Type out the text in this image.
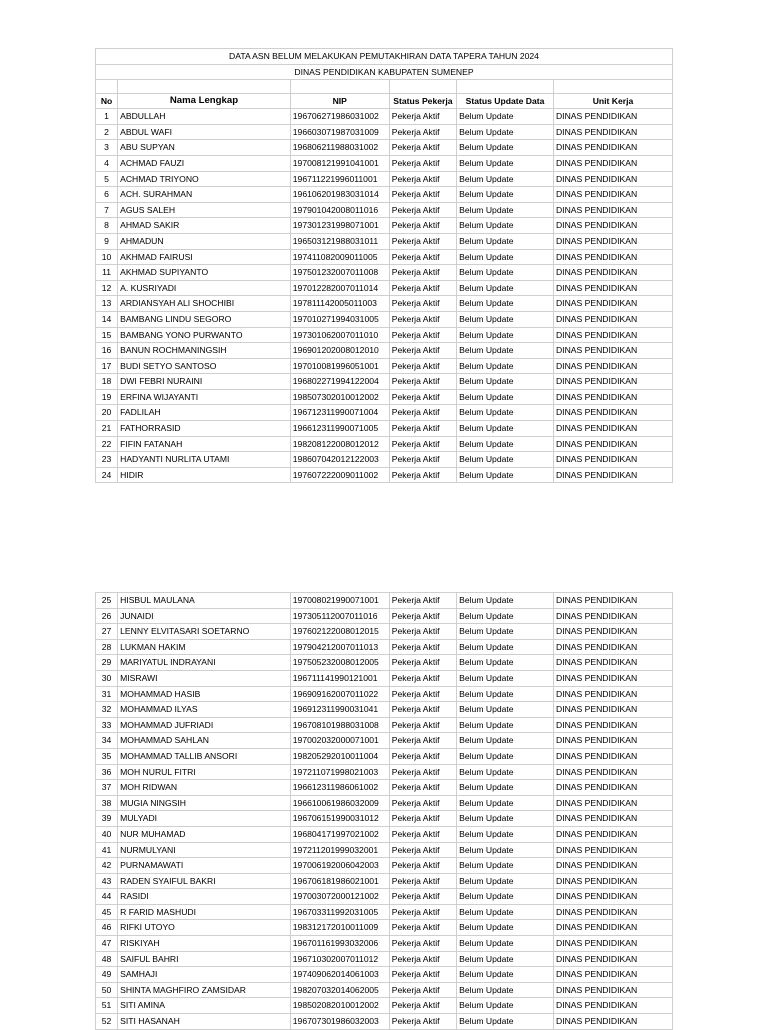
DATA ASN BELUM MELAKUKAN PEMUTAKHIRAN DATA TAPERA TAHUN 2024					
DINAS PENDIDIKAN KABUPATEN SUMENEP					

No	Nama Lengkap	NIP	Status Pekerja	Status Update Data	Unit Kerja
1	ABDULLAH	196706271986031002	Pekerja Aktif	Belum Update	DINAS PENDIDIKAN
2	ABDUL WAFI	196603071987031009	Pekerja Aktif	Belum Update	DINAS PENDIDIKAN
3	ABU SUPYAN	196806211988031002	Pekerja Aktif	Belum Update	DINAS PENDIDIKAN
4	ACHMAD FAUZI	197008121991041001	Pekerja Aktif	Belum Update	DINAS PENDIDIKAN
5	ACHMAD TRIYONO	196711221996011001	Pekerja Aktif	Belum Update	DINAS PENDIDIKAN
6	ACH. SURAHMAN	196106201983031014	Pekerja Aktif	Belum Update	DINAS PENDIDIKAN
7	AGUS SALEH	197901042008011016	Pekerja Aktif	Belum Update	DINAS PENDIDIKAN
8	AHMAD SAKIR	197301231998071001	Pekerja Aktif	Belum Update	DINAS PENDIDIKAN
9	AHMADUN	196503121988031011	Pekerja Aktif	Belum Update	DINAS PENDIDIKAN
10	AKHMAD FAIRUSI	197411082009011005	Pekerja Aktif	Belum Update	DINAS PENDIDIKAN
11	AKHMAD SUPIYANTO	197501232007011008	Pekerja Aktif	Belum Update	DINAS PENDIDIKAN
12	A. KUSRIYADI	197012282007011014	Pekerja Aktif	Belum Update	DINAS PENDIDIKAN
13	ARDIANSYAH ALI SHOCHIBI	197811142005011003	Pekerja Aktif	Belum Update	DINAS PENDIDIKAN
14	BAMBANG LINDU SEGORO	197010271994031005	Pekerja Aktif	Belum Update	DINAS PENDIDIKAN
15	BAMBANG YONO PURWANTO	197301062007011010	Pekerja Aktif	Belum Update	DINAS PENDIDIKAN
16	BANUN ROCHMANINGSIH	196901202008012010	Pekerja Aktif	Belum Update	DINAS PENDIDIKAN
17	BUDI SETYO SANTOSO	197010081996051001	Pekerja Aktif	Belum Update	DINAS PENDIDIKAN
18	DWI FEBRI NURAINI	196802271994122004	Pekerja Aktif	Belum Update	DINAS PENDIDIKAN
19	ERFINA WIJAYANTI	198507302010012002	Pekerja Aktif	Belum Update	DINAS PENDIDIKAN
20	FADLILAH	196712311990071004	Pekerja Aktif	Belum Update	DINAS PENDIDIKAN
21	FATHORRASID	196612311990071005	Pekerja Aktif	Belum Update	DINAS PENDIDIKAN
22	FIFIN FATANAH	198208122008012012	Pekerja Aktif	Belum Update	DINAS PENDIDIKAN
23	HADYANTI NURLITA UTAMI	198607042012122003	Pekerja Aktif	Belum Update	DINAS PENDIDIKAN
24	HIDIR	197607222009011002	Pekerja Aktif	Belum Update	DINAS PENDIDIKAN
25	HISBUL MAULANA	197008021990071001	Pekerja Aktif	Belum Update	DINAS PENDIDIKAN
26	JUNAIDI	197305112007011016	Pekerja Aktif	Belum Update	DINAS PENDIDIKAN
27	LENNY ELVITASARI SOETARNO	197602122008012015	Pekerja Aktif	Belum Update	DINAS PENDIDIKAN
28	LUKMAN HAKIM	197904212007011013	Pekerja Aktif	Belum Update	DINAS PENDIDIKAN
29	MARIYATUL INDRAYANI	197505232008012005	Pekerja Aktif	Belum Update	DINAS PENDIDIKAN
30	MISRAWI	196711141990121001	Pekerja Aktif	Belum Update	DINAS PENDIDIKAN
31	MOHAMMAD HASIB	196909162007011022	Pekerja Aktif	Belum Update	DINAS PENDIDIKAN
32	MOHAMMAD ILYAS	196912311990031041	Pekerja Aktif	Belum Update	DINAS PENDIDIKAN
33	MOHAMMAD JUFRIADI	196708101988031008	Pekerja Aktif	Belum Update	DINAS PENDIDIKAN
34	MOHAMMAD SAHLAN	197002032000071001	Pekerja Aktif	Belum Update	DINAS PENDIDIKAN
35	MOHAMMAD TALLIB ANSORI	198205292010011004	Pekerja Aktif	Belum Update	DINAS PENDIDIKAN
36	MOH NURUL FITRI	197211071998021003	Pekerja Aktif	Belum Update	DINAS PENDIDIKAN
37	MOH RIDWAN	196612311986061002	Pekerja Aktif	Belum Update	DINAS PENDIDIKAN
38	MUGIA NINGSIH	196610061986032009	Pekerja Aktif	Belum Update	DINAS PENDIDIKAN
39	MULYADI	196706151990031012	Pekerja Aktif	Belum Update	DINAS PENDIDIKAN
40	NUR MUHAMAD	196804171997021002	Pekerja Aktif	Belum Update	DINAS PENDIDIKAN
41	NURMULYANI	197211201999032001	Pekerja Aktif	Belum Update	DINAS PENDIDIKAN
42	PURNAMAWATI	197006192006042003	Pekerja Aktif	Belum Update	DINAS PENDIDIKAN
43	RADEN SYAIFUL BAKRI	196706181986021001	Pekerja Aktif	Belum Update	DINAS PENDIDIKAN
44	RASIDI	197003072000121002	Pekerja Aktif	Belum Update	DINAS PENDIDIKAN
45	R FARID MASHUDI	196703311992031005	Pekerja Aktif	Belum Update	DINAS PENDIDIKAN
46	RIFKI UTOYO	198312172010011009	Pekerja Aktif	Belum Update	DINAS PENDIDIKAN
47	RISKIYAH	196701161993032006	Pekerja Aktif	Belum Update	DINAS PENDIDIKAN
48	SAIFUL BAHRI	196710302007011012	Pekerja Aktif	Belum Update	DINAS PENDIDIKAN
49	SAMHAJI	197409062014061003	Pekerja Aktif	Belum Update	DINAS PENDIDIKAN
50	SHINTA MAGHFIRO ZAMSIDAR	198207032014062005	Pekerja Aktif	Belum Update	DINAS PENDIDIKAN
51	SITI AMINA	198502082010012002	Pekerja Aktif	Belum Update	DINAS PENDIDIKAN
52	SITI HASANAH	196707301986032003	Pekerja Aktif	Belum Update	DINAS PENDIDIKAN
